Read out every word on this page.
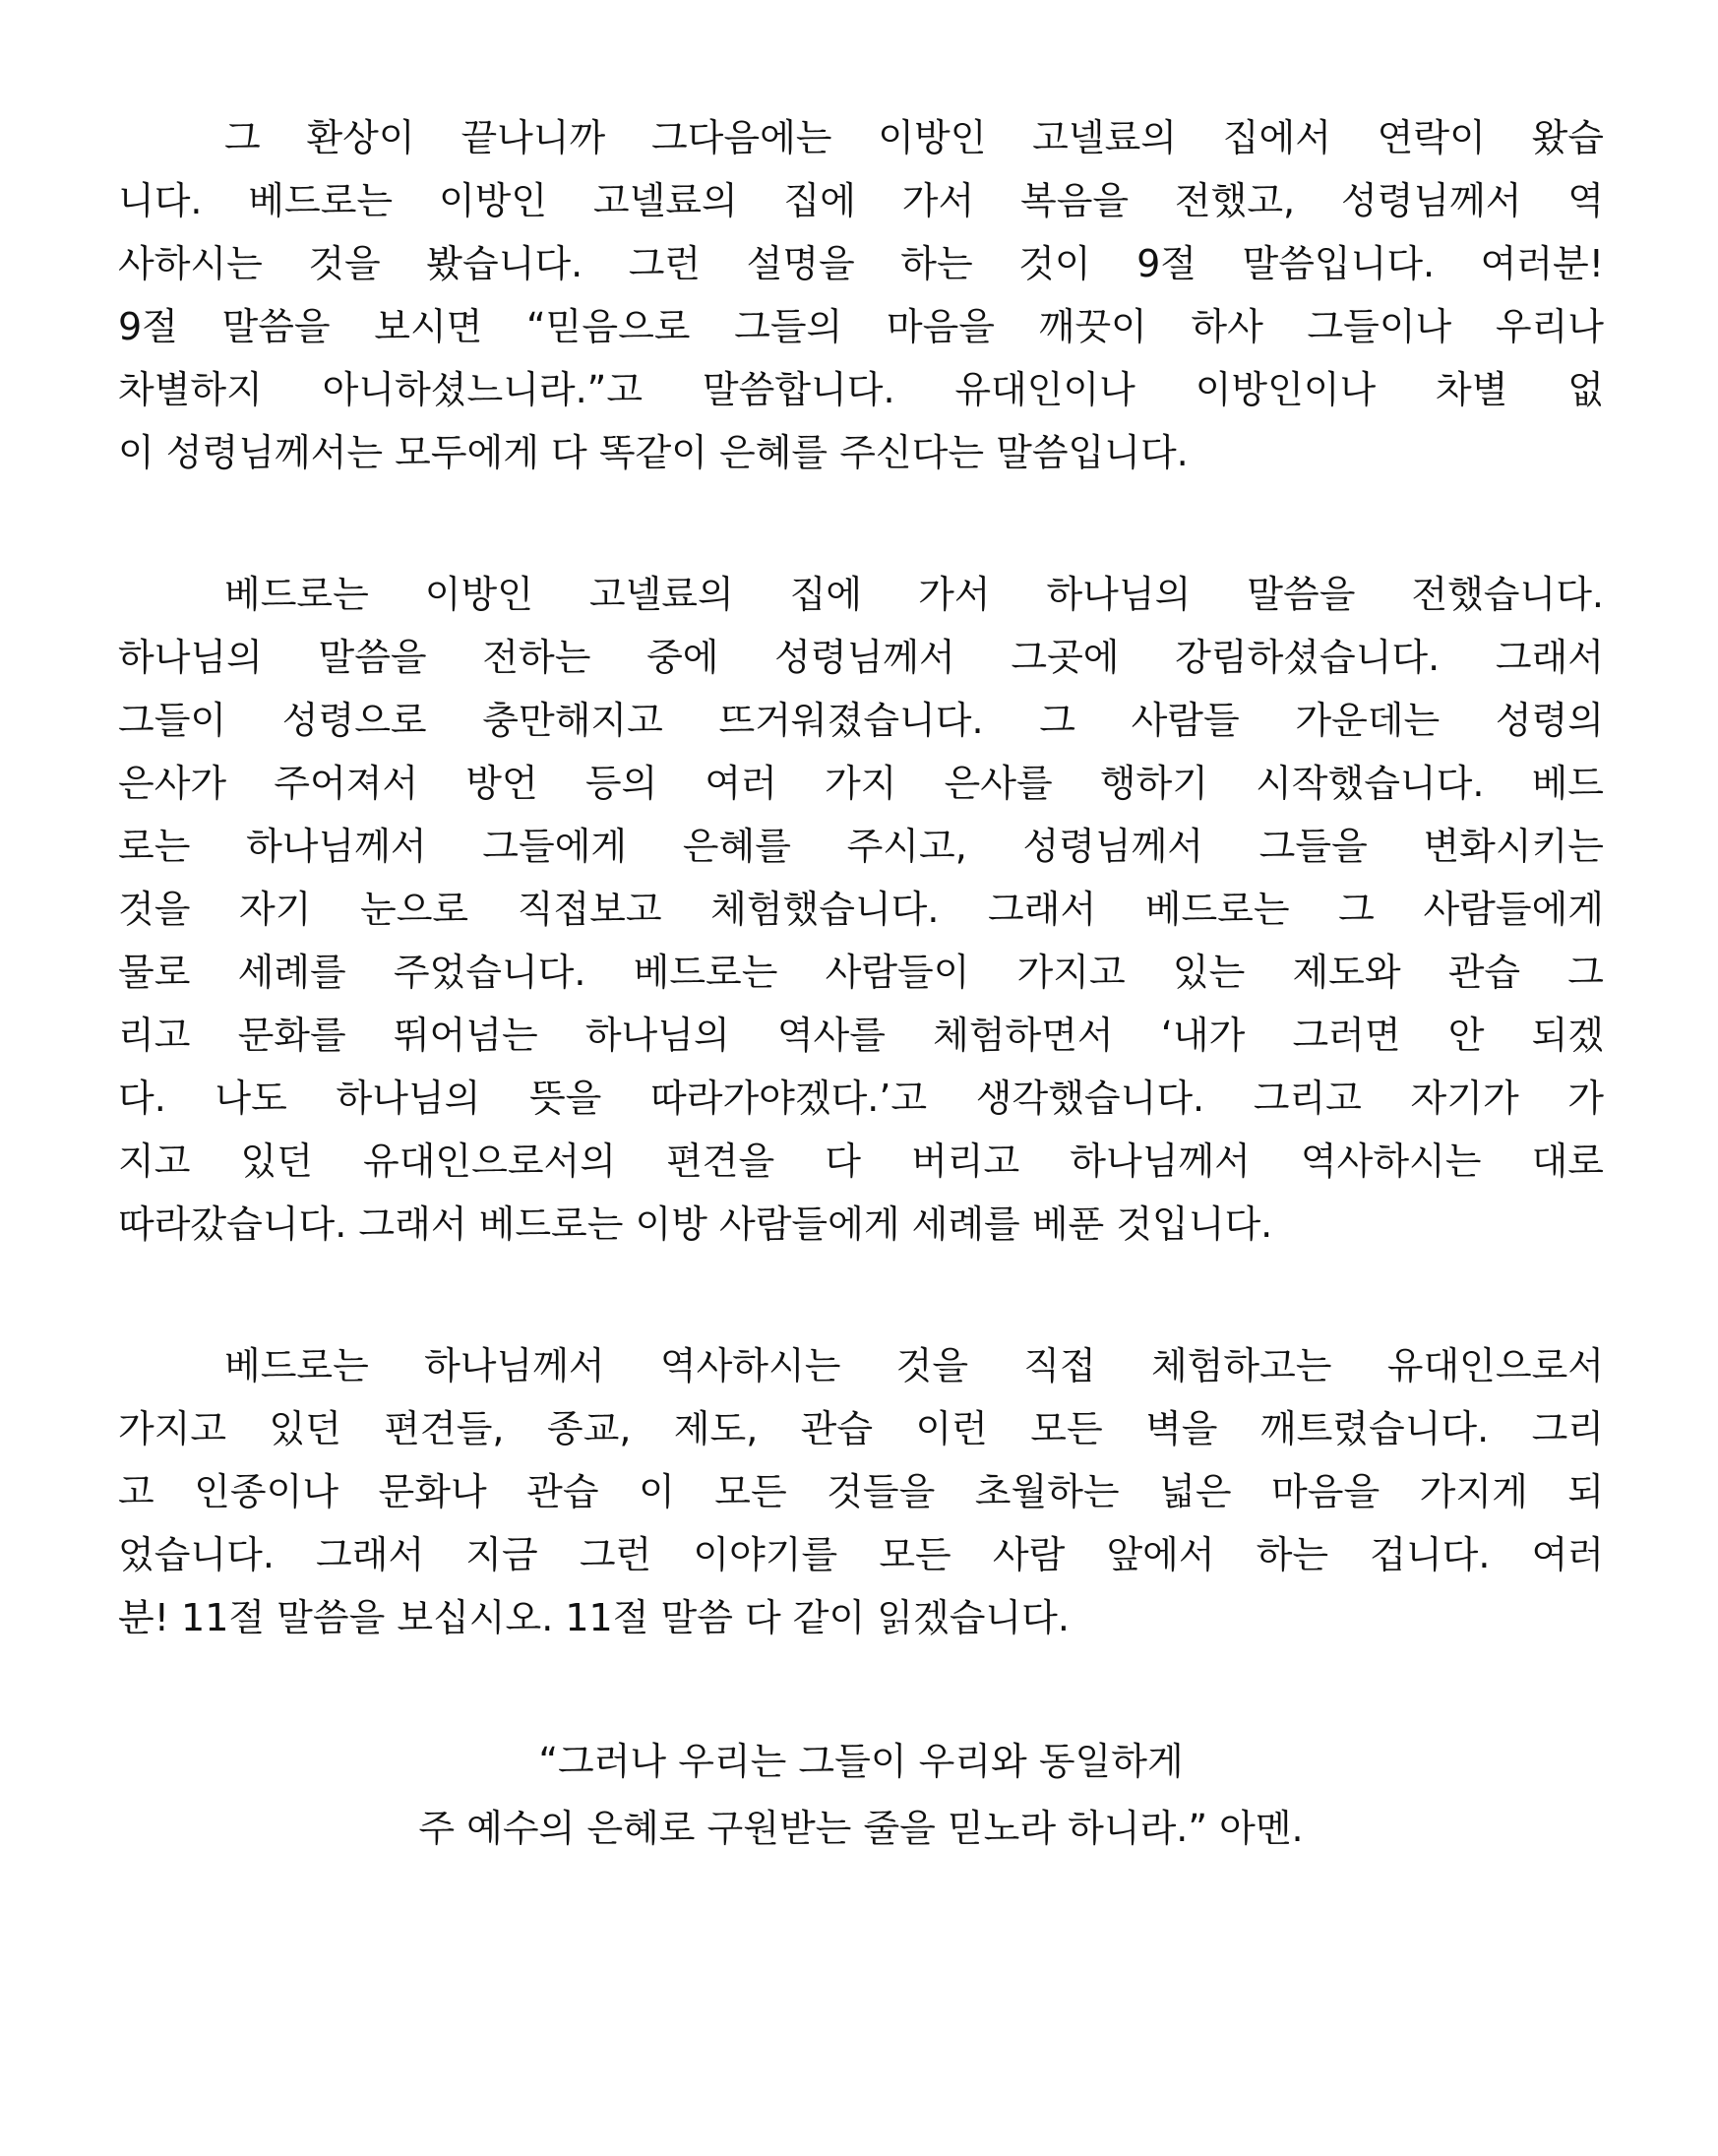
그 환상이 끝나니까 그다음에는 이방인 고넬료의 집에서 연락이 왔습
니다. 베드로는 이방인 고넬료의 집에 가서 복음을 전했고, 성령님께서 역
사하시는 것을 봤습니다. 그런 설명을 하는 것이 9절 말씀입니다. 여러분!
9절 말씀을 보시면 “믿음으로 그들의 마음을 깨끗이 하사 그들이나 우리나
차별하지 아니하셨느니라.”고 말씀합니다. 유대인이나 이방인이나 차별 없
이 성령님께서는 모두에게 다 똑같이 은혜를 주신다는 말씀입니다.
베드로는 이방인 고넬료의 집에 가서 하나님의 말씀을 전했습니다.
하나님의 말씀을 전하는 중에 성령님께서 그곳에 강림하셨습니다. 그래서
그들이 성령으로 충만해지고 뜨거워졌습니다. 그 사람들 가운데는 성령의
은사가 주어져서 방언 등의 여러 가지 은사를 행하기 시작했습니다. 베드
로는 하나님께서 그들에게 은혜를 주시고, 성령님께서 그들을 변화시키는
것을 자기 눈으로 직접보고 체험했습니다. 그래서 베드로는 그 사람들에게
물로 세례를 주었습니다. 베드로는 사람들이 가지고 있는 제도와 관습 그
리고 문화를 뛰어넘는 하나님의 역사를 체험하면서 ‘내가 그러면 안 되겠
다. 나도 하나님의 뜻을 따라가야겠다.’고 생각했습니다. 그리고 자기가 가
지고 있던 유대인으로서의 편견을 다 버리고 하나님께서 역사하시는 대로
따라갔습니다. 그래서 베드로는 이방 사람들에게 세례를 베푼 것입니다.
베드로는 하나님께서 역사하시는 것을 직접 체험하고는 유대인으로서
가지고 있던 편견들, 종교, 제도, 관습 이런 모든 벽을 깨트렸습니다. 그리
고 인종이나 문화나 관습 이 모든 것들을 초월하는 넓은 마음을 가지게 되
었습니다. 그래서 지금 그런 이야기를 모든 사람 앞에서 하는 겁니다. 여러
분! 11절 말씀을 보십시오. 11절 말씀 다 같이 읽겠습니다.
“그러나 우리는 그들이 우리와 동일하게
주 예수의 은혜로 구원받는 줄을 믿노라 하니라.” 아멘.
